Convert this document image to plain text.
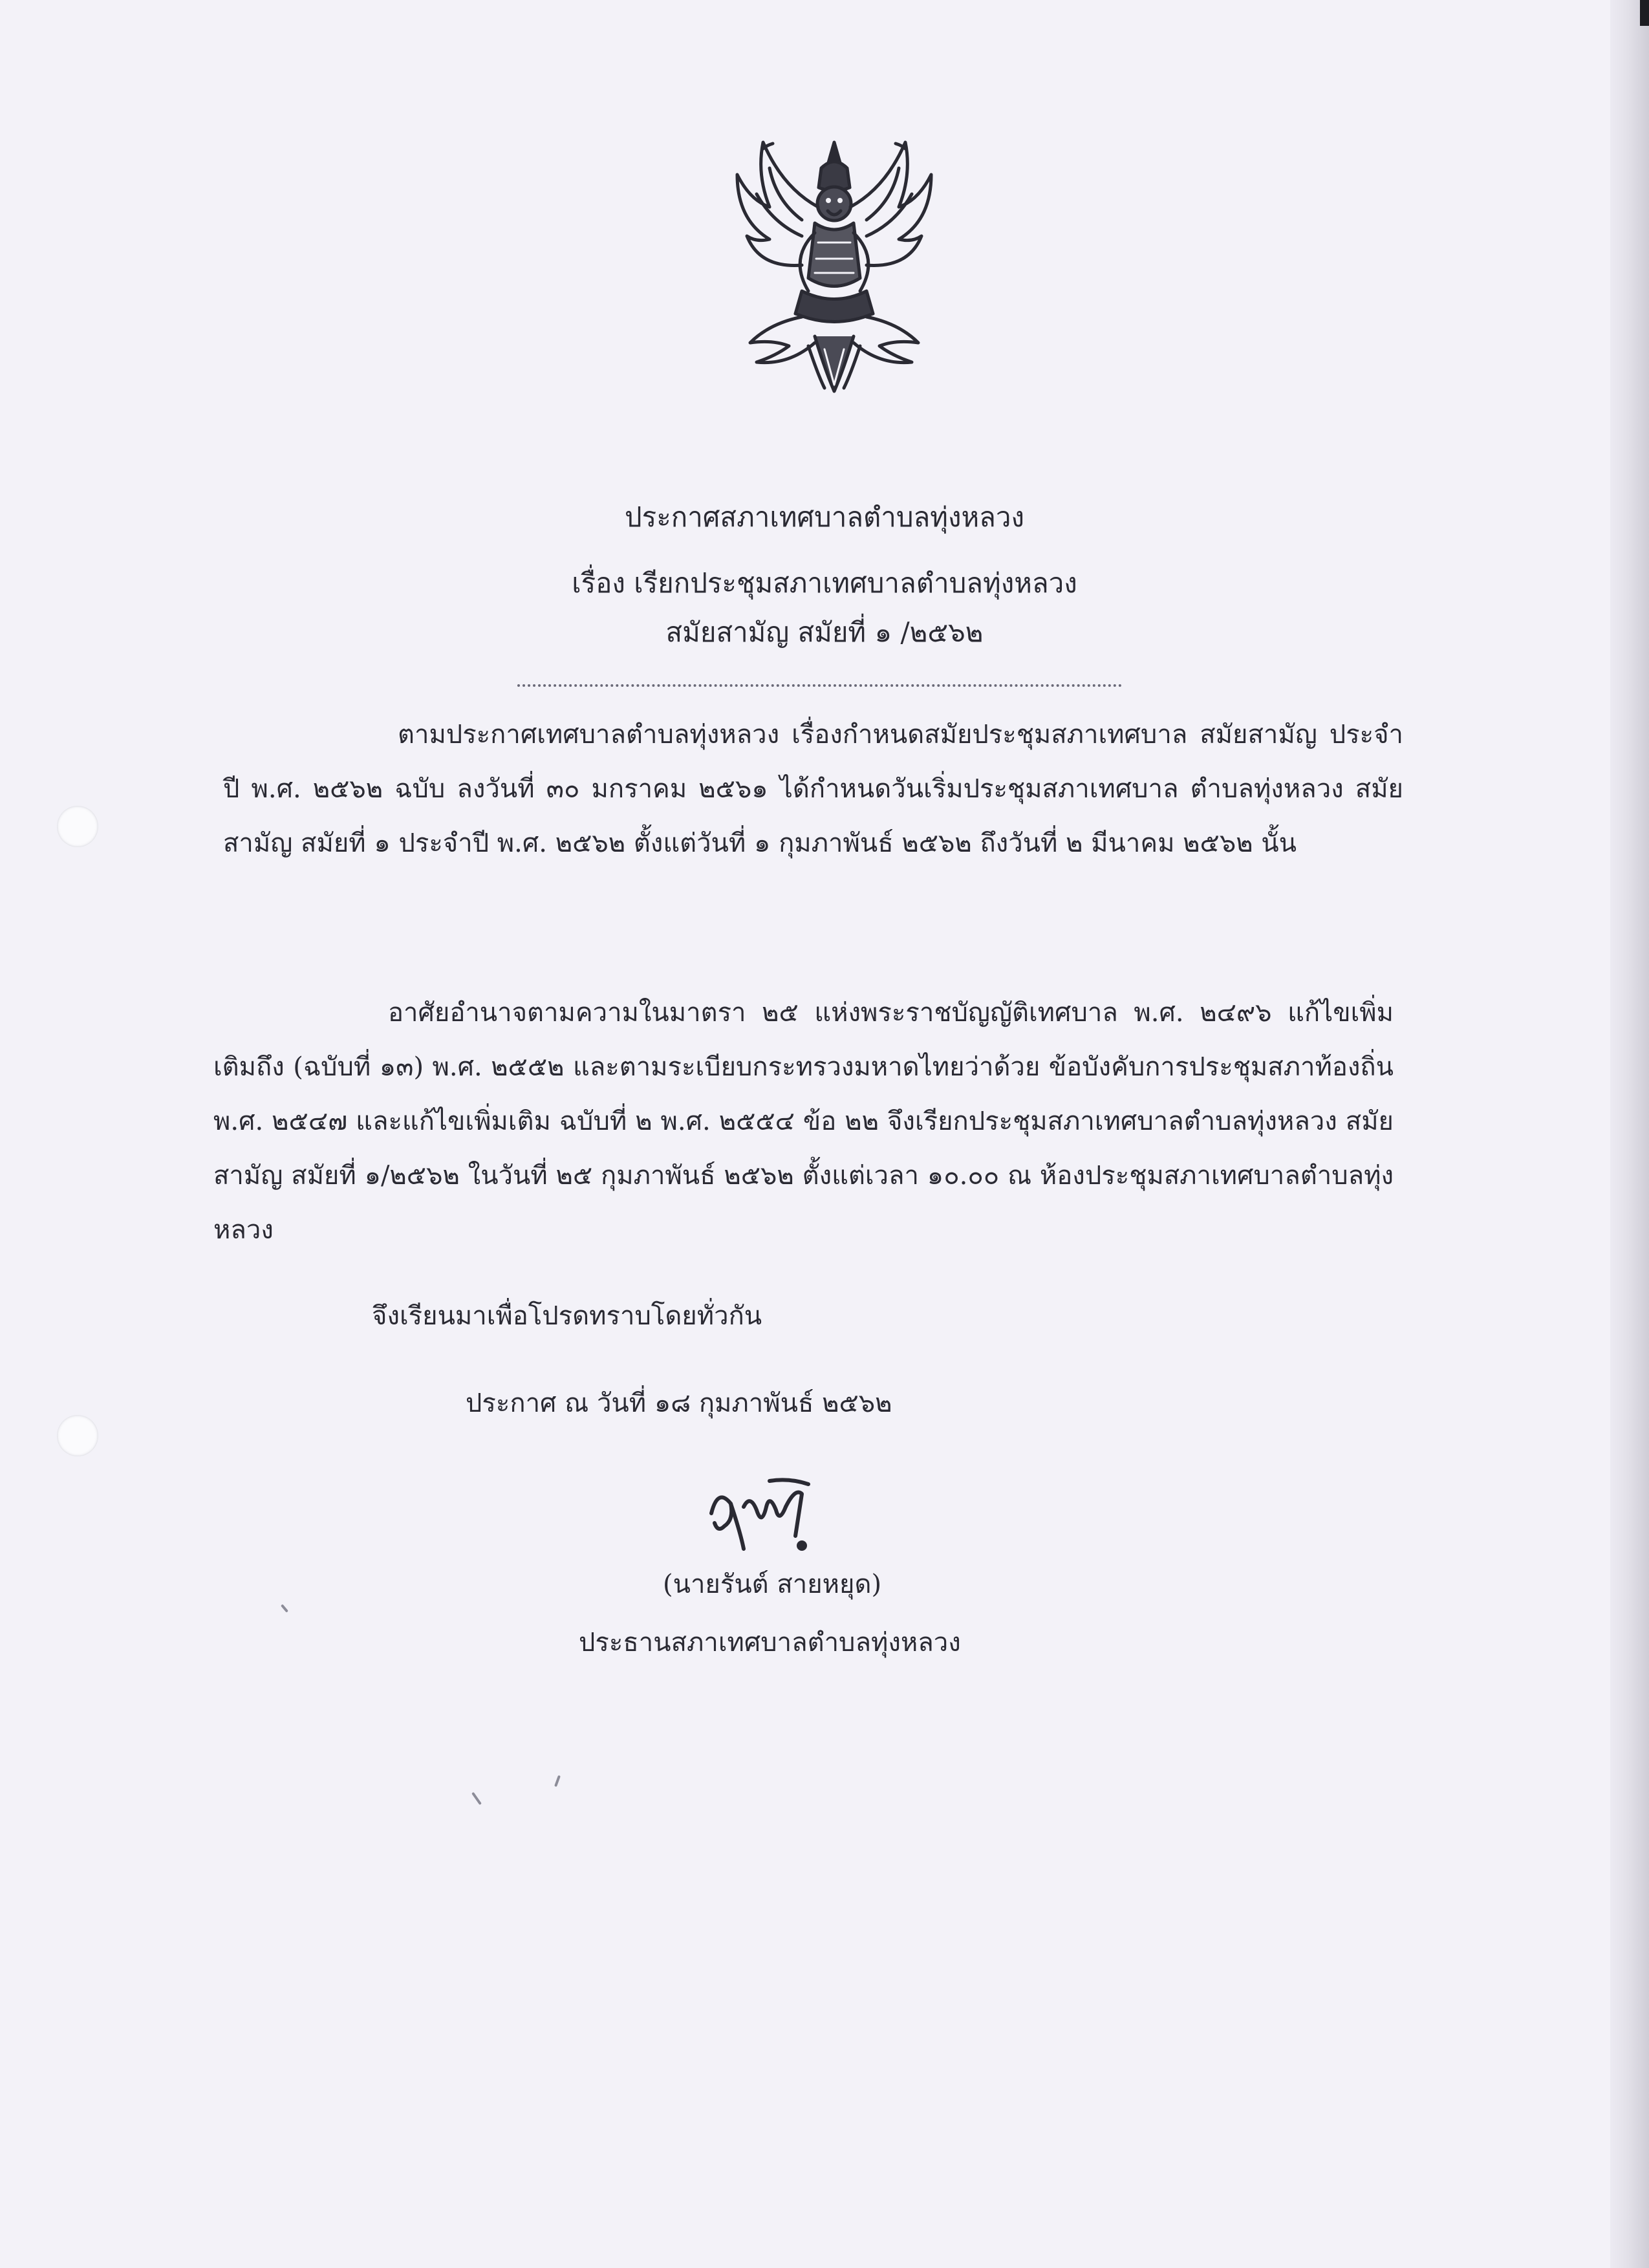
ประกาศสภาเทศบาลตำบลทุ่งหลวง
เรื่อง เรียกประชุมสภาเทศบาลตำบลทุ่งหลวง
สมัยสามัญ สมัยที่ ๑ /๒๕๖๒

ตามประกาศเทศบาลตำบลทุ่งหลวง เรื่องกำหนดสมัยประชุมสภาเทศบาล สมัยสามัญ ประจำปี พ.ศ. ๒๕๖๒ ฉบับ ลงวันที่ ๓๐ มกราคม ๒๕๖๑ ได้กำหนดวันเริ่มประชุมสภาเทศบาล ตำบลทุ่งหลวง สมัยสามัญ สมัยที่ ๑ ประจำปี พ.ศ. ๒๕๖๒ ตั้งแต่วันที่ ๑ กุมภาพันธ์ ๒๕๖๒ ถึงวันที่ ๒ มีนาคม ๒๕๖๒ นั้น

อาศัยอำนาจตามความในมาตรา ๒๕ แห่งพระราชบัญญัติเทศบาล พ.ศ. ๒๔๙๖ แก้ไขเพิ่มเติมถึง (ฉบับที่ ๑๓) พ.ศ. ๒๕๕๒ และตามระเบียบกระทรวงมหาดไทยว่าด้วย ข้อบังคับการประชุมสภาท้องถิ่น พ.ศ. ๒๕๔๗ และแก้ไขเพิ่มเติม ฉบับที่ ๒ พ.ศ. ๒๕๕๔ ข้อ ๒๒ จึงเรียกประชุมสภาเทศบาลตำบลทุ่งหลวง สมัยสามัญ สมัยที่ ๑/๒๕๖๒ ในวันที่ ๒๕ กุมภาพันธ์ ๒๕๖๒ ตั้งแต่เวลา ๑๐.๐๐ ณ ห้องประชุมสภาเทศบาลตำบลทุ่งหลวง

จึงเรียนมาเพื่อโปรดทราบโดยทั่วกัน
ประกาศ ณ วันที่ ๑๘ กุมภาพันธ์ ๒๕๖๒
(นายรันต์ สายหยุด)
ประธานสภาเทศบาลตำบลทุ่งหลวง
